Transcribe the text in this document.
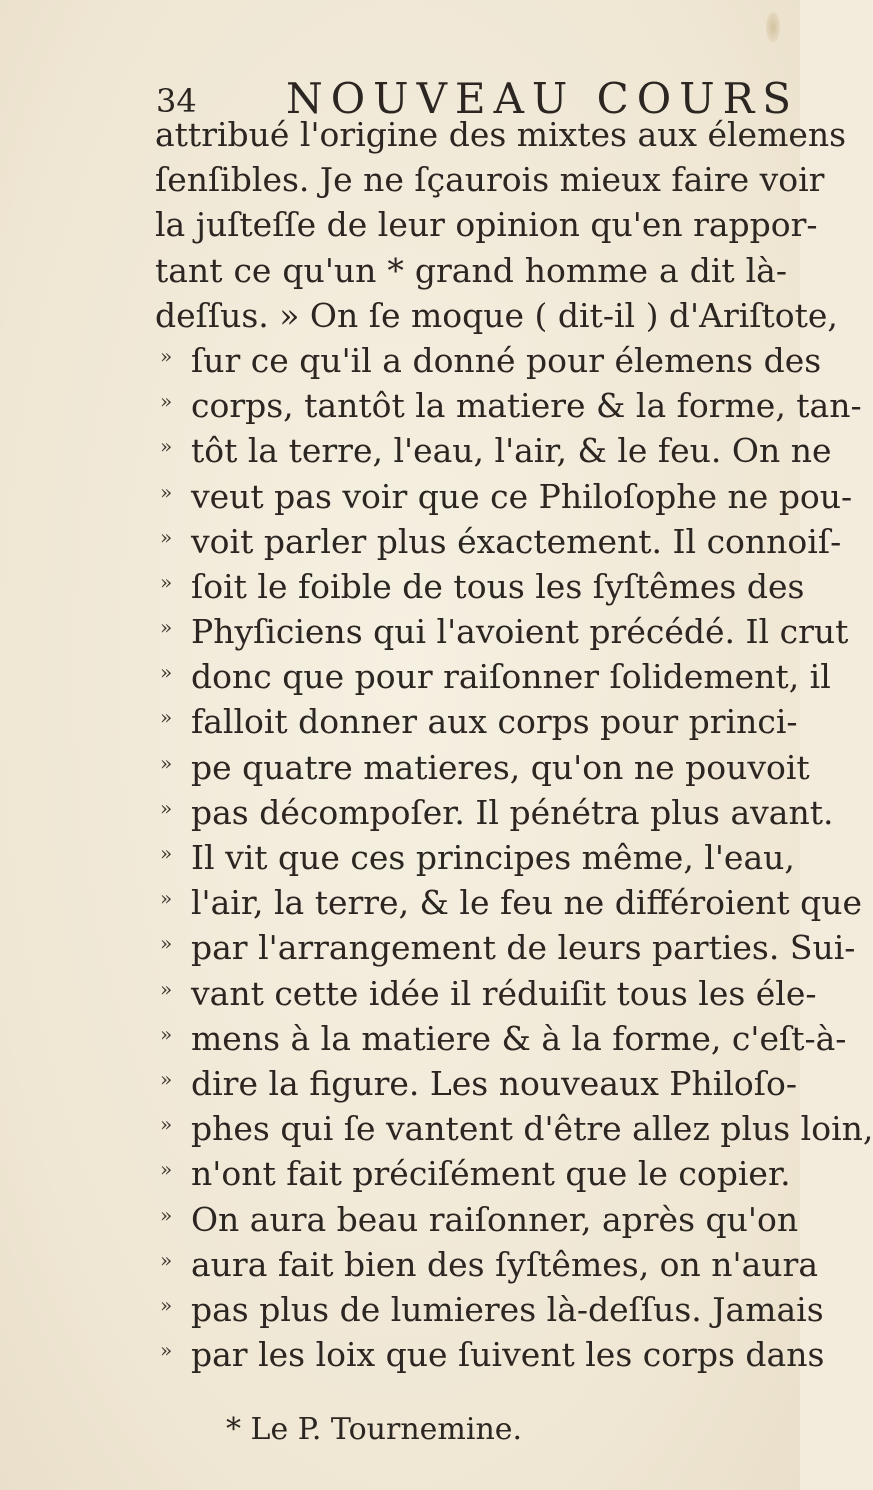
34 NOUVEAU COURS
attribué l'origine des mixtes aux élemens
ſenſibles. Je ne ſçaurois mieux faire voir
la juſteſſe de leur opinion qu'en rappor-
tant ce qu'un * grand homme a dit là-
deſſus. » On ſe moque ( dit-il ) d'Ariſtote,
» ſur ce qu'il a donné pour élemens des
» corps, tantôt la matiere & la forme, tan-
» tôt la terre, l'eau, l'air, & le feu. On ne
» veut pas voir que ce Philoſophe ne pou-
» voit parler plus éxactement. Il connoiſ-
» ſoit le foible de tous les ſyſtêmes des
» Phyſiciens qui l'avoient précédé. Il crut
» donc que pour raiſonner ſolidement, il
» falloit donner aux corps pour princi-
» pe quatre matieres, qu'on ne pouvoit
» pas décompoſer. Il pénétra plus avant.
» Il vit que ces principes même, l'eau,
» l'air, la terre, & le feu ne différoient que
» par l'arrangement de leurs parties. Sui-
» vant cette idée il réduiſit tous les éle-
» mens à la matiere & à la forme, c'eſt-à-
» dire la figure. Les nouveaux Philoſo-
» phes qui ſe vantent d'être allez plus loin,
» n'ont fait préciſément que le copier.
» On aura beau raiſonner, après qu'on
» aura fait bien des ſyſtêmes, on n'aura
» pas plus de lumieres là-deſſus. Jamais
» par les loix que ſuivent les corps dans
* Le P. Tournemine.
